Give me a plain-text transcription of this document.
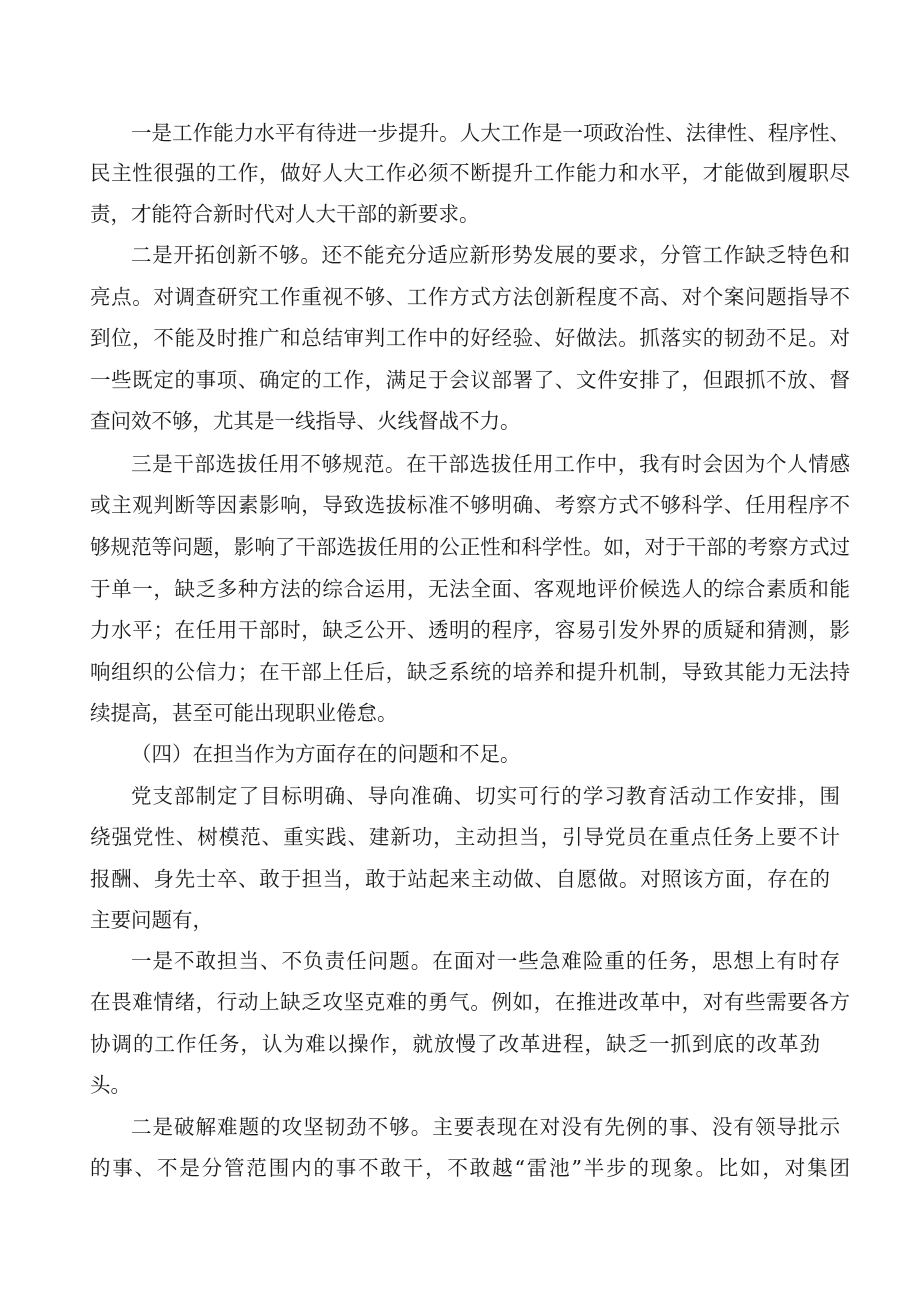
一是工作能力水平有待进一步提升。人大工作是一项政治性、法律性、程序性、
民主性很强的工作，做好人大工作必须不断提升工作能力和水平，才能做到履职尽
责，才能符合新时代对人大干部的新要求。
二是开拓创新不够。还不能充分适应新形势发展的要求，分管工作缺乏特色和
亮点。对调查研究工作重视不够、工作方式方法创新程度不高、对个案问题指导不
到位，不能及时推广和总结审判工作中的好经验、好做法。抓落实的韧劲不足。对
一些既定的事项、确定的工作，满足于会议部署了、文件安排了，但跟抓不放、督
查问效不够，尤其是一线指导、火线督战不力。
三是干部选拔任用不够规范。在干部选拔任用工作中，我有时会因为个人情感
或主观判断等因素影响，导致选拔标准不够明确、考察方式不够科学、任用程序不
够规范等问题，影响了干部选拔任用的公正性和科学性。如，对于干部的考察方式过
于单一，缺乏多种方法的综合运用，无法全面、客观地评价候选人的综合素质和能
力水平；在任用干部时，缺乏公开、透明的程序，容易引发外界的质疑和猜测，影
响组织的公信力；在干部上任后，缺乏系统的培养和提升机制，导致其能力无法持
续提高，甚至可能出现职业倦怠。
（四）在担当作为方面存在的问题和不足。
党支部制定了目标明确、导向准确、切实可行的学习教育活动工作安排，围
绕强党性、树模范、重实践、建新功，主动担当，引导党员在重点任务上要不计
报酬、身先士卒、敢于担当，敢于站起来主动做、自愿做。对照该方面，存在的
主要问题有，
一是不敢担当、不负责任问题。在面对一些急难险重的任务，思想上有时存
在畏难情绪，行动上缺乏攻坚克难的勇气。例如，在推进改革中，对有些需要各方
协调的工作任务，认为难以操作，就放慢了改革进程，缺乏一抓到底的改革劲
头。
二是破解难题的攻坚韧劲不够。主要表现在对没有先例的事、没有领导批示
的事、不是分管范围内的事不敢干，不敢越“雷池”半步的现象。比如，对集团
